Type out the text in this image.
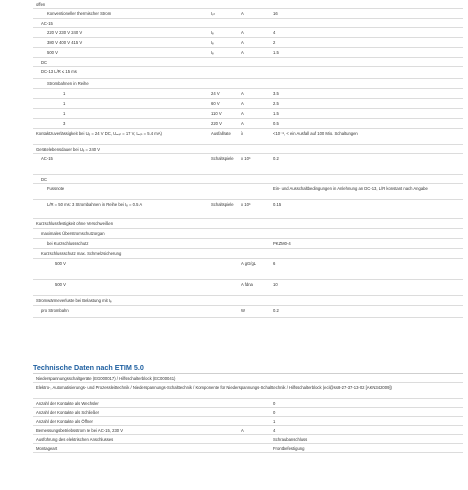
offen
Konventioneller thermischer Strom	Iₜₕ	A	16
AC-15
220 V 230 V 240 V	Iₑ	A	4
380 V 400 V 415 V	Iₑ	A	2
500 V	Iₑ	A	1.5
DC
DC-13 L/R ≤ 15 ms
Strombahnen in Reihe
1	24 V	A	3.5
1	60 V	A	2.5
1	110 V	A	1.5
3	220 V	A	0.5
Kontaktzuverlässigkeit bei Uₑ = 24 V DC, Uₘᵢₙ = 17 V, Iₘᵢₙ = 5.4 mA)	Ausfallrate λ	<10⁻⁸, < ein Ausfall auf 100 Mio. Schaltungen
Gerätelebensdauer bei Uₑ = 240 V
AC-15	Schaltspiele x 10⁶	0.2
DC
Fussnote	Ein- und Ausschaltbedingungen in Anlehnung an DC-13, L/R konstant nach Angabe
L/R = 50 ms: 3 Strombahnen in Reihe bei Iₑ = 0.5 A	Schaltspiele x 10⁶	0.15
Kurzschlussfestigkeit ohne Verschweißen
maximales Überstromschutzorgan
bei Kurzschlussschutz	PKZM0-4
Kurzschlussschutz max. Schmelzsicherung
500 V	A gG/gL	6
500 V	A fdna	10
Stromwärmeverluste bei Belastung mit Iₑ
pro Strombahn	W	0.2
Technische Daten nach ETIM 5.0
Niederspannungsschaltgeräte (EG000017) / Hilfsschalterblock (EC000041)
Elektro-, Automatisierungs- und Prozessleittechnik / Niederspannungs-Schalttechnik / Komponente für Niederspannungs-Schalttechnik / Hilfsschalterblock (ecl@ss8-27-37-13-02 [AKN342009])
Anzahl der Kontakte als Wechsler	0
Anzahl der Kontakte als Schließer	0
Anzahl der Kontakte als Öffner	1
Bemessungsbetriebsstrom Ie bei AC-15, 230 V	A	4
Ausführung des elektrischen Anschlusses	Schraubanschluss
Montageart	Frontbefestigung
